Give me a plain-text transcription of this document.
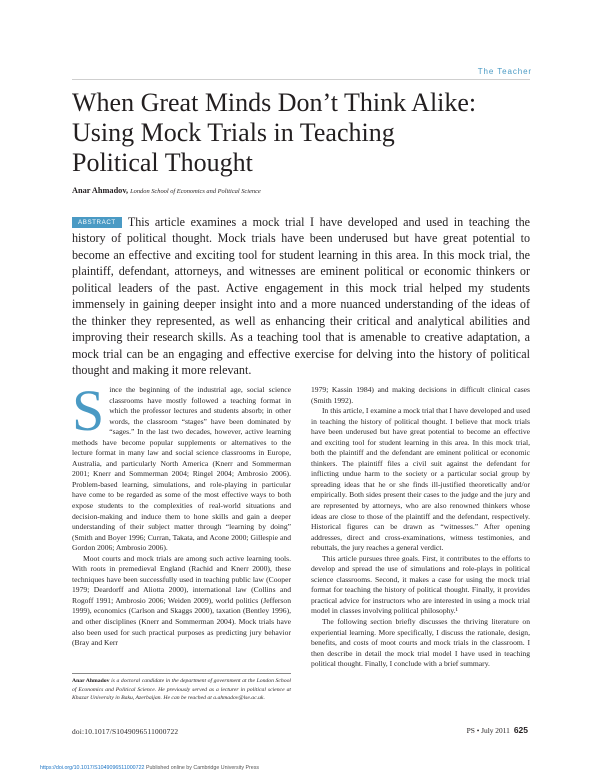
The Teacher
When Great Minds Don’t Think Alike:
Using Mock Trials in Teaching
Political Thought
Anar Ahmadov, London School of Economics and Political Science

ABSTRACT This article examines a mock trial I have developed and used in teaching the history of political thought. Mock trials have been underused but have great potential to become an effective and exciting tool for student learning in this area. In this mock trial, the plaintiff, defendant, attorneys, and witnesses are eminent political or economic thinkers or political leaders of the past. Active engagement in this mock trial helped my students immensely in gaining deeper insight into and a more nuanced understanding of the ideas of the thinker they represented, as well as enhancing their critical and analytical abilities and improving their research skills. As a teaching tool that is amenable to creative adaptation, a mock trial can be an engaging and effective exercise for delving into the history of political thought and making it more relevant.

Since the beginning of the industrial age, social science classrooms have mostly followed a teaching format in which the professor lectures and students absorb; in other words, the classroom “stages” have been dominated by “sages.” In the last two decades, however, active learning methods have become popular supplements or alternatives to the lecture format in many law and social science classrooms in Europe, Australia, and particularly North America (Knerr and Sommerman 2001; Knerr and Sommerman 2004; Ringel 2004; Ambrosio 2006). Problem-based learning, simulations, and role-playing in particular have come to be regarded as some of the most effective ways to both expose students to the complexities of real-world situations and decision-making and induce them to hone skills and gain a deeper understanding of their subject matter through “learning by doing” (Smith and Boyer 1996; Curran, Takata, and Acone 2000; Gillespie and Gordon 2006; Ambrosio 2006).

Moot courts and mock trials are among such active learning tools. With roots in premedieval England (Rachid and Knerr 2000), these techniques have been successfully used in teaching public law (Cooper 1979; Deardorff and Aliotta 2000), international law (Collins and Rogoff 1991; Ambrosio 2006; Weiden 2009), world politics (Jefferson 1999), economics (Carlson and Skaggs 2000), taxation (Bentley 1996), and other disciplines (Knerr and Sommerman 2004). Mock trials have also been used for such practical purposes as predicting jury behavior (Bray and Kerr

1979; Kassin 1984) and making decisions in difficult clinical cases (Smith 1992).

In this article, I examine a mock trial that I have developed and used in teaching the history of political thought. I believe that mock trials have been underused but have great potential to become an effective and exciting tool for student learning in this area. In this mock trial, both the plaintiff and the defendant are eminent political or economic thinkers. The plaintiff files a civil suit against the defendant for inflicting undue harm to the society or a particular social group by spreading ideas that he or she finds ill-justified theoretically and/or empirically. Both sides present their cases to the judge and the jury and are represented by attorneys, who are also renowned thinkers whose ideas are close to those of the plaintiff and the defendant, respectively. Historical figures can be drawn as “witnesses.” After opening addresses, direct and cross-examinations, witness testimonies, and rebuttals, the jury reaches a general verdict.

This article pursues three goals. First, it contributes to the efforts to develop and spread the use of simulations and role-plays in political science classrooms. Second, it makes a case for using the mock trial format for teaching the history of political thought. Finally, it provides practical advice for instructors who are interested in using a mock trial model in classes involving political philosophy.¹

The following section briefly discusses the thriving literature on experiential learning. More specifically, I discuss the rationale, design, benefits, and costs of moot courts and mock trials in the classroom. I then describe in detail the mock trial model I have used in teaching political thought. Finally, I conclude with a brief summary.

Anar Ahmadov is a doctoral candidate in the department of government at the London School of Economics and Political Science. He previously served as a lecturer in political science at Khazar University in Baku, Azerbaijan. He can be reached at a.ahmadov@lse.ac.uk.
doi:10.1017/S1049096511000722	PS • July 2011 625
https://doi.org/10.1017/S1049096511000722 Published online by Cambridge University Press
